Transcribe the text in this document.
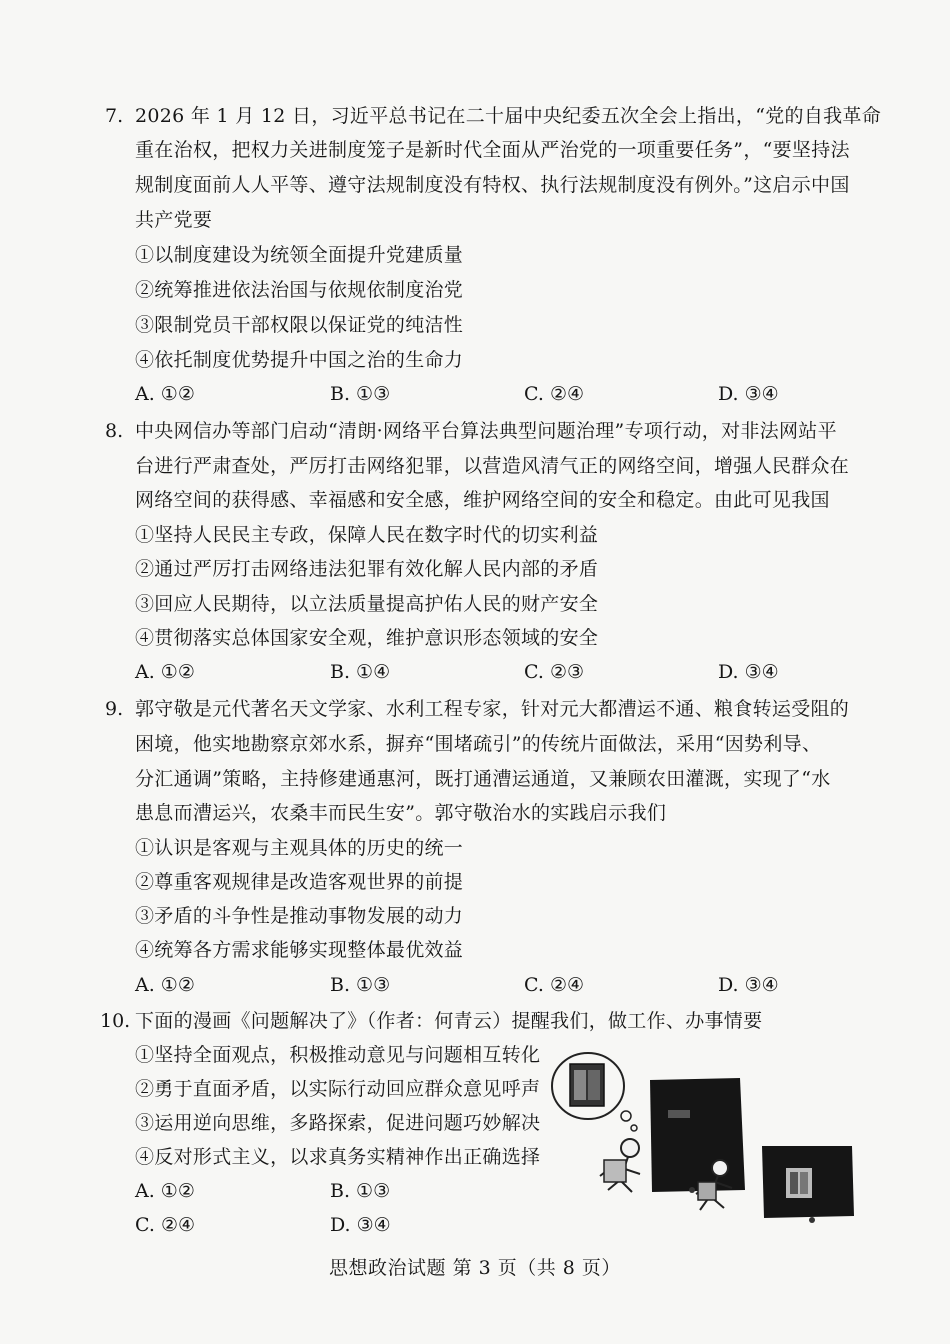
7. 2026 年 1 月 12 日，习近平总书记在二十届中央纪委五次全会上指出，“党的自我革命
重在治权，把权力关进制度笼子是新时代全面从严治党的一项重要任务”，“要坚持法
规制度面前人人平等、遵守法规制度没有特权、执行法规制度没有例外。”这启示中国
共产党要
①以制度建设为统领全面提升党建质量
②统筹推进依法治国与依规依制度治党
③限制党员干部权限以保证党的纯洁性
④依托制度优势提升中国之治的生命力
A. ①②	B. ①③	C. ②④	D. ③④
8. 中央网信办等部门启动“清朗·网络平台算法典型问题治理”专项行动，对非法网站平
台进行严肃查处，严厉打击网络犯罪，以营造风清气正的网络空间，增强人民群众在
网络空间的获得感、幸福感和安全感，维护网络空间的安全和稳定。由此可见我国
①坚持人民民主专政，保障人民在数字时代的切实利益
②通过严厉打击网络违法犯罪有效化解人民内部的矛盾
③回应人民期待，以立法质量提高护佑人民的财产安全
④贯彻落实总体国家安全观，维护意识形态领域的安全
A. ①②	B. ①④	C. ②③	D. ③④
9. 郭守敬是元代著名天文学家、水利工程专家，针对元大都漕运不通、粮食转运受阻的
困境，他实地勘察京郊水系，摒弃“围堵疏引”的传统片面做法，采用“因势利导、
分汇通调”策略，主持修建通惠河，既打通漕运通道，又兼顾农田灌溉，实现了“水
患息而漕运兴，农桑丰而民生安”。郭守敬治水的实践启示我们
①认识是客观与主观具体的历史的统一
②尊重客观规律是改造客观世界的前提
③矛盾的斗争性是推动事物发展的动力
④统筹各方需求能够实现整体最优效益
A. ①②	B. ①③	C. ②④	D. ③④
10. 下面的漫画《问题解决了》（作者：何青云）提醒我们，做工作、办事情要
①坚持全面观点，积极推动意见与问题相互转化
②勇于直面矛盾，以实际行动回应群众意见呼声
③运用逆向思维，多路探索，促进问题巧妙解决
④反对形式主义，以求真务实精神作出正确选择
A. ①②	B. ①③
C. ②④	D. ③④
思想政治试题 第 3 页（共 8 页）
